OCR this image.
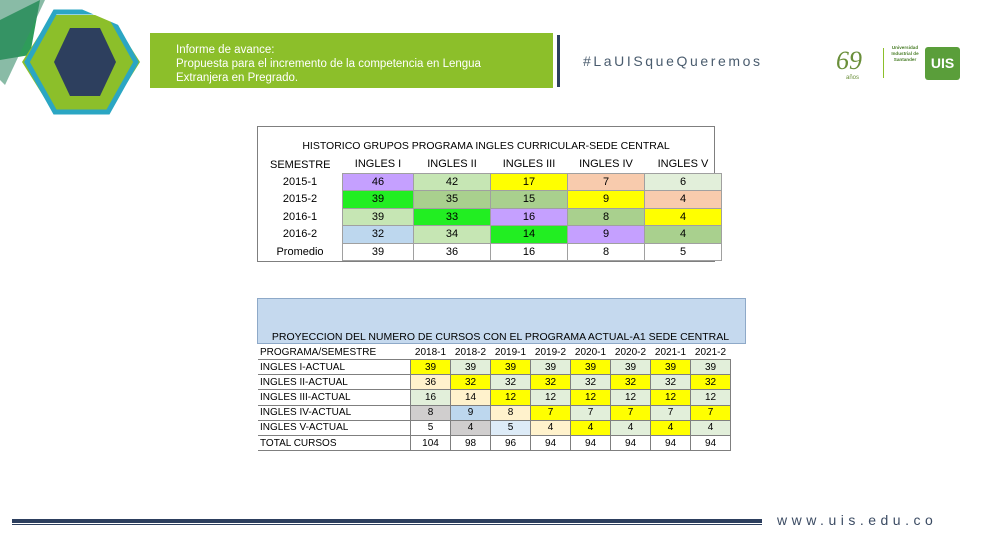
Informe de avance:
Propuesta para el incremento de la competencia en Lengua
Extranjera en Pregrado.
#LaUISqueQueremos	69
años
Universidad
Industrial de
Santander	UIS
HISTORICO GRUPOS PROGRAMA INGLES CURRICULAR-SEDE CENTRAL
SEMESTRE	INGLES I	INGLES II	INGLES III	INGLES IV	INGLES V
2015-1	46	42	17	7	6
2015-2	39	35	15	9	4
2016-1	39	33	16	8	4
2016-2	32	34	14	9	4
Promedio	39	36	16	8	5
PROYECCION DEL NUMERO DE CURSOS CON EL PROGRAMA ACTUAL-A1 SEDE CENTRAL
PROGRAMA/SEMESTRE	2018-1	2018-2	2019-1	2019-2	2020-1	2020-2	2021-1	2021-2
INGLES I-ACTUAL	39	39	39	39	39	39	39	39
INGLES II-ACTUAL	36	32	32	32	32	32	32	32
INGLES III-ACTUAL	16	14	12	12	12	12	12	12
INGLES IV-ACTUAL	8	9	8	7	7	7	7	7
INGLES V-ACTUAL	5	4	5	4	4	4	4	4
TOTAL CURSOS	104	98	96	94	94	94	94	94
www.uis.edu.co
